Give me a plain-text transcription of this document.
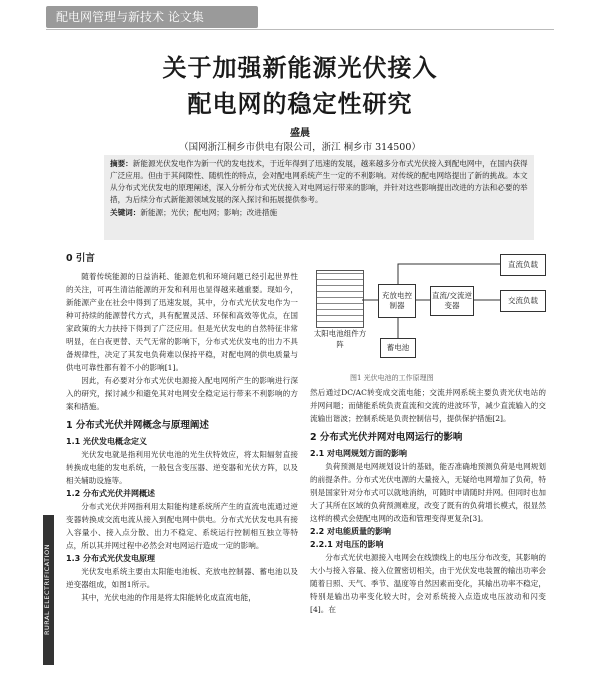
配电网管理与新技术 论文集
关于加强新能源光伏接入
配电网的稳定性研究
盛晨
（国网浙江桐乡市供电有限公司，浙江 桐乡市 314500）
摘要：新能源光伏发电作为新一代的发电技术，于近年得到了迅速的发展，越来越多分布式光伏接入到配电网中，在国内获得广泛应用。但由于其间隙性、随机性的特点，会对配电网系统产生一定的不利影响。对传统的配电网络提出了新的挑战。本文从分布式光伏发电的原理阐述，深入分析分布式光伏接入对电网运行带来的影响，并针对这些影响提出改进的方法和必要的举措，为后续分布式新能源领域发展的深入探讨和拓展提供参考。
关键词：新能源；光伏；配电网；影响；改进措施
0 引言
随着传统能源的日益消耗、能源危机和环境问题已经引起世界性的关注，可再生清洁能源的开发和利用也显得越来越重要。现如今，新能源产业在社会中得到了迅速发展，其中，分布式光伏发电作为一种可持续的能源替代方式，具有配置灵活、环保和高效等优点，在国家政策的大力扶持下得到了广泛应用。但是光伏发电的自然特征非常明显，在白夜更替、天气无常的影响下，分布式光伏发电的出力不具备规律性，决定了其发电负荷难以保持平稳，对配电网的供电质量与供电可靠性都有着不小的影响[1]。
因此，有必要对分布式光伏电源接入配电网所产生的影响进行深入的研究，探讨减少和避免其对电网安全稳定运行带来不利影响的方案和措施。
1 分布式光伏并网概念与原理阐述
1.1 光伏发电概念定义
光伏发电就是指利用光伏电池的光生伏特效应，将太阳辐射直接转换成电能的发电系统，一般包含变压器、逆变器和光伏方阵，以及相关辅助设施等。
1.2 分布式光伏并网概述
分布式光伏并网指利用太阳能构建系统所产生的直流电流通过逆变器转换成交流电流从接入到配电网中供电。分布式光伏发电具有接入容量小、接入点分散、出力不稳定、系统运行控制相互独立等特点，所以其并网过程中必然会对电网运行造成一定的影响。
1.3 分布式光伏发电原理
光伏发电系统主要由太阳能电池板、充放电控制器、蓄电池以及逆变器组成，如图1所示。
其中，光伏电池的作用是将太阳能转化成直流电能，
RURAL ELECTRIFICATION
太阳电池组件方阵
充放电控制器
直流/交流逆变器
直流负载
交流负载
蓄电池
图1 光伏电池的工作原理图
然后通过DC/AC转变成交流电能；交流并网系统主要负责光伏电站的并网问题；而储能系统负责直流和交流的进波环节，减少直流输入的交流输出谐波；控制系统是负责控制信号，提供保护措施[2]。
2 分布式光伏并网对电网运行的影响
2.1 对电网规划方面的影响
负荷预测是电网规划设计的基础，能否准确地预测负荷是电网规划的前提条件。分布式光伏电源的大量接入，无疑给电网增加了负荷，特别是国家针对分布式可以就地消纳，可随时申请随时并网。但同时也加大了其所在区域的负荷预测难度，改变了既有的负荷增长模式，很显然这样的模式会使配电网的改造和管理变得更复杂[3]。
2.2 对电能质量的影响
2.2.1 对电压的影响
分布式光伏电源接入电网会在线馈线上的电压分布改变，其影响的大小与接入容量、接入位置密切相关，由于光伏发电装置的输出功率会随着日照、天气、季节、温度等自然因素而变化，其输出功率不稳定，特别是输出功率变化较大时，会对系统接入点造成电压波动和闪变[4]。在
